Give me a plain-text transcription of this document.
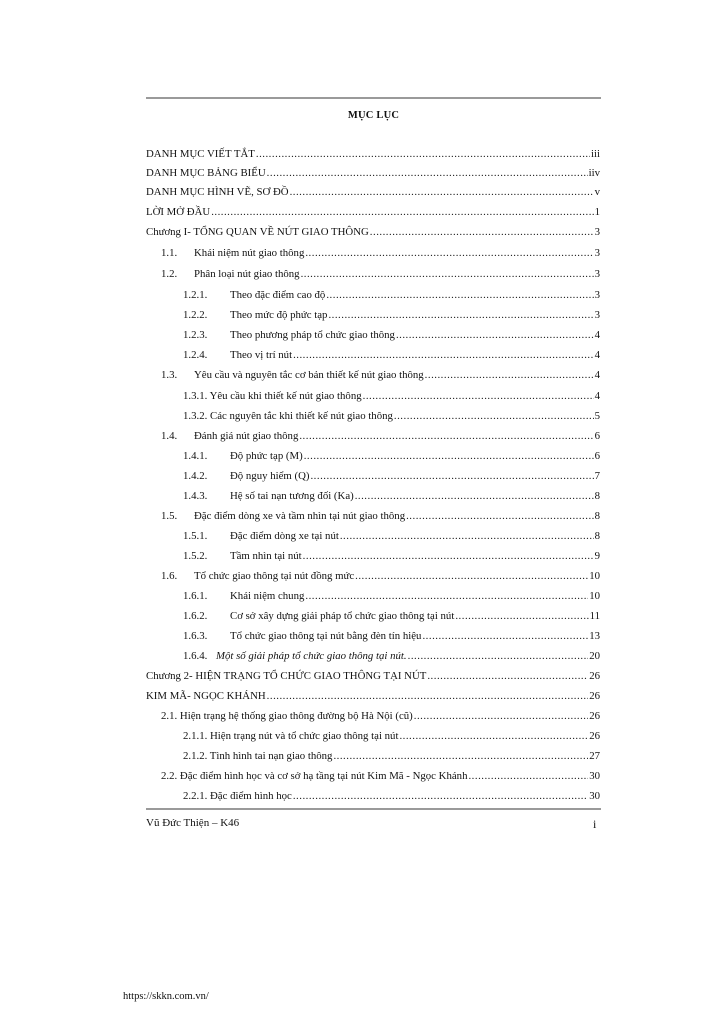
MỤC LỤC
DANH MỤC VIẾT TẮT .....	iii
DANH MỤC BẢNG BIỂU .....	iiv
DANH MỤC HÌNH VẼ, SƠ ĐỒ .....	v
LỜI MỞ ĐẦU .....	1
Chương I- TỔNG QUAN VỀ NÚT GIAO THÔNG .....	3
1.1.	Khái niệm nút giao thông .....	3
1.2.	Phân loại nút giao thông .....	3
1.2.1.	Theo đặc điểm cao độ .....	3
1.2.2.	Theo mức độ phức tạp .....	3
1.2.3.	Theo phương pháp tổ chức giao thông .....	4
1.2.4.	Theo vị trí nút .....	4
1.3.	Yêu cầu và nguyên tắc cơ bản thiết kế nút giao thông .....	4
1.3.1. Yêu cầu khi thiết kế nút giao thông .....	4
1.3.2. Các nguyên tắc khi thiết kế nút giao thông .....	5
1.4.	Đánh giá nút giao thông .....	6
1.4.1.	Độ phức tạp (M) .....	6
1.4.2.	Độ nguy hiểm (Q) .....	7
1.4.3.	Hệ số tai nạn tương đối (Ka) .....	8
1.5.	Đặc điểm dòng xe và tầm nhìn tại nút giao thông .....	8
1.5.1.	Đặc điểm dòng xe tại nút .....	8
1.5.2.	Tầm nhìn tại nút .....	9
1.6.	Tổ chức giao thông tại nút đồng mức .....	10
1.6.1.	Khái niệm chung .....	10
1.6.2.	Cơ sở xây dựng giải pháp tổ chức giao thông tại nút .....	11
1.6.3.	Tổ chức giao thông tại nút bằng đèn tín hiệu .....	13
1.6.4. Một số giải pháp tổ chức giao thông tại nút. .....	20
Chương 2- HIỆN TRẠNG TỔ CHỨC GIAO THÔNG TẠI NÚT .....	26
KIM MÃ- NGỌC KHÁNH .....	26
2.1. Hiện trạng hệ thống giao thông đường bộ Hà Nội (cũ) .....	26
2.1.1. Hiện trạng nút và tổ chức giao thông tại nút .....	26
2.1.2. Tình hình tai nạn giao thông .....	27
2.2. Đặc điểm hình học và cơ sở hạ tầng tại nút Kim Mã - Ngọc Khánh .....	30
2.2.1. Đặc điểm hình học .....	30
Vũ Đức Thiện – K46	i
https://skkn.com.vn/
